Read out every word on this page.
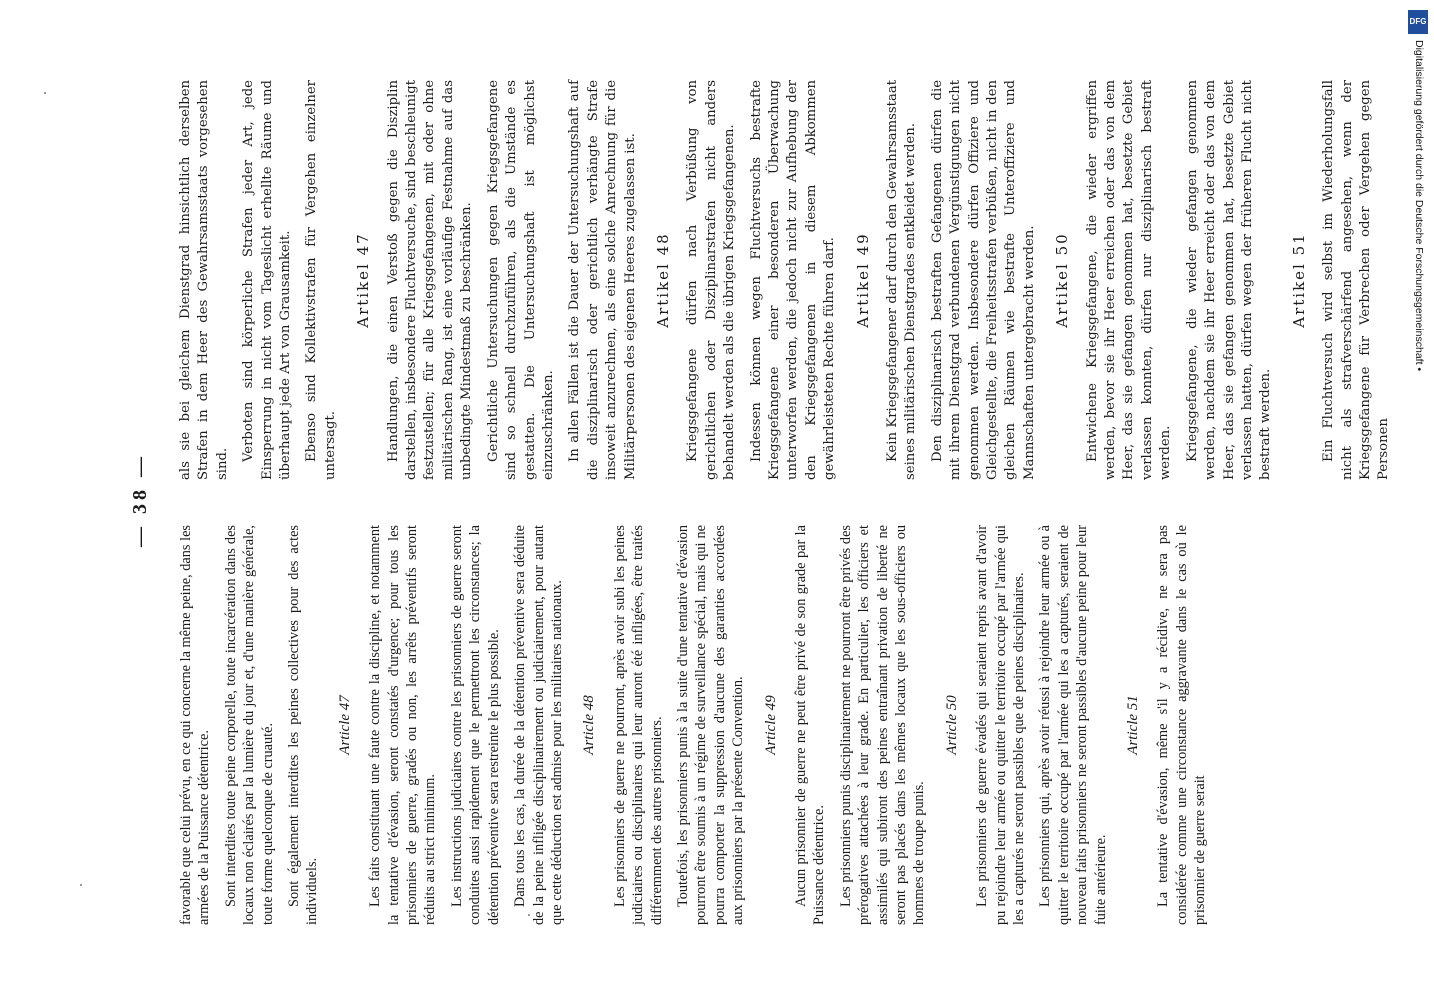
— 38 —

favorable que celui prévu, en ce qui concerne la même peine, dans les armées de la Puissance détentrice. Sont interdites toute peine corporelle, toute incarcération dans des locaux non éclairés par la lumière du jour et, d'une manière générale, toute forme quelconque de cruauté. Sont également interdites les peines collectives pour des actes individuels.

Article 47 Les faits constituant une faute contre la discipline, et notamment la tentative d'évasion, seront constatés d'urgence; pour tous les prisonniers de guerre, gradés ou non, les arrêts préventifs seront réduits au strict minimum. Les instructions judiciaires contre les prisonniers de guerre seront conduites aussi rapidement que le permettront les circonstances; la détention préventive sera restreinte le plus possible. Dans tous les cas, la durée de la détention préventive sera déduite de la peine infligée disciplinairement ou judiciairement, pour autant que cette déduction est admise pour les militaires nationaux. Article 48 Les prisonniers de guerre ne pourront, après avoir subi les peines judiciaires ou disciplinaires qui leur auront été infligées, être traités différemment des autres prisonniers. Toutefois, les prisonniers punis à la suite d'une tentative d'évasion pourront être soumis à un régime de surveillance spécial, mais qui ne pourra comporter la suppression d'aucune des garanties accordées aux prisonniers par la présente Convention. Article 49 Aucun prisonnier de guerre ne peut être privé de son grade par la Puissance détentrice. Les prisonniers punis disciplinairement ne pourront être privés des prérogatives attachées à leur grade. En particulier, les officiers et assimilés qui subiront des peines entraînant privation de liberté ne seront pas placés dans les mêmes locaux que les sous-officiers ou hommes de troupe punis.

Article 50 Les prisonniers de guerre évadés qui seraient repris avant d'avoir pu rejoindre leur armée ou quitter le territoire occupé par l'armée qui les a capturés ne seront passibles que de peines disciplinaires. Les prisonniers qui, après avoir réussi à rejoindre leur armée ou à quitter le territoire occupé par l'armée qui les a capturés, seraient de nouveau faits prisonniers ne seront passibles d'aucune peine pour leur fuite antérieure.

Article 51 La tentative d'évasion, même s'il y a récidive, ne sera pas considérée comme une circonstance aggravante dans le cas où le prisonnier de guerre serait

als sie bei gleichem Dienstgrad hinsichtlich derselben Strafen in dem Heer des Gewahrsamsstaats vorgesehen sind.

Verboten sind körperliche Strafen jeder Art, jede Einsperrung in nicht vom Tageslicht erhellte Räume und überhaupt jede Art von Grausamkeit. Ebenso sind Kollektivstrafen für Vergehen einzelner untersagt.

Artikel 47 Handlungen, die einen Verstoß gegen die Disziplin darstellen, insbesondere Fluchtversuche, sind beschleunigt festzustellen; für alle Kriegsgefangenen, mit oder ohne militärischen Rang, ist eine vorläufige Festnahme auf das unbedingte Mindestmaß zu beschränken. Gerichtliche Untersuchungen gegen Kriegsgefangene sind so schnell durchzuführen, als die Umstände es gestatten. Die Untersuchungshaft ist möglichst einzuschränken. In allen Fällen ist die Dauer der Untersuchungshaft auf die disziplinarisch oder gerichtlich verhängte Strafe insoweit anzurechnen, als eine solche Anrechnung für die Militärpersonen des eigenen Heeres zugelassen ist. Artikel 48 Kriegsgefangene dürfen nach Verbüßung von gerichtlichen oder Disziplinarstrafen nicht anders behandelt werden als die übrigen Kriegsgefangenen. Indessen können wegen Fluchtversuchs bestrafte Kriegsgefangene einer besonderen Überwachung unterworfen werden, die jedoch nicht zur Aufhebung der den Kriegsgefangenen in diesem Abkommen gewährleisteten Rechte führen darf. Artikel 49 Kein Kriegsgefangener darf durch den Gewahrsamsstaat seines militärischen Dienstgrades entkleidet werden. Den disziplinarisch bestraften Gefangenen dürfen die mit ihrem Dienstgrad verbundenen Vergünstigungen nicht genommen werden. Insbesondere dürfen Offiziere und Gleichgestellte, die Freiheitsstrafen verbüßen, nicht in den gleichen Räumen wie bestrafte Unteroffiziere und Mannschaften untergebracht werden. Artikel 50 Entwichene Kriegsgefangene, die wieder ergriffen werden, bevor sie ihr Heer erreichen oder das von dem Heer, das sie gefangen genommen hat, besetzte Gebiet verlassen konnten, dürfen nur disziplinarisch bestraft werden. Kriegsgefangene, die wieder gefangen genommen werden, nachdem sie ihr Heer erreicht oder das von dem Heer, das sie gefangen genommen hat, besetzte Gebiet verlassen hatten, dürfen wegen der früheren Flucht nicht bestraft werden.

Artikel 51 Ein Fluchtversuch wird selbst im Wiederholungsfall nicht als strafverschärfend angesehen, wenn der Kriegsgefangene für Verbrechen oder Vergehen gegen Personen

DFG
Digitalisierung gefördert durch die Deutsche Forschungsgemeinschaft •
